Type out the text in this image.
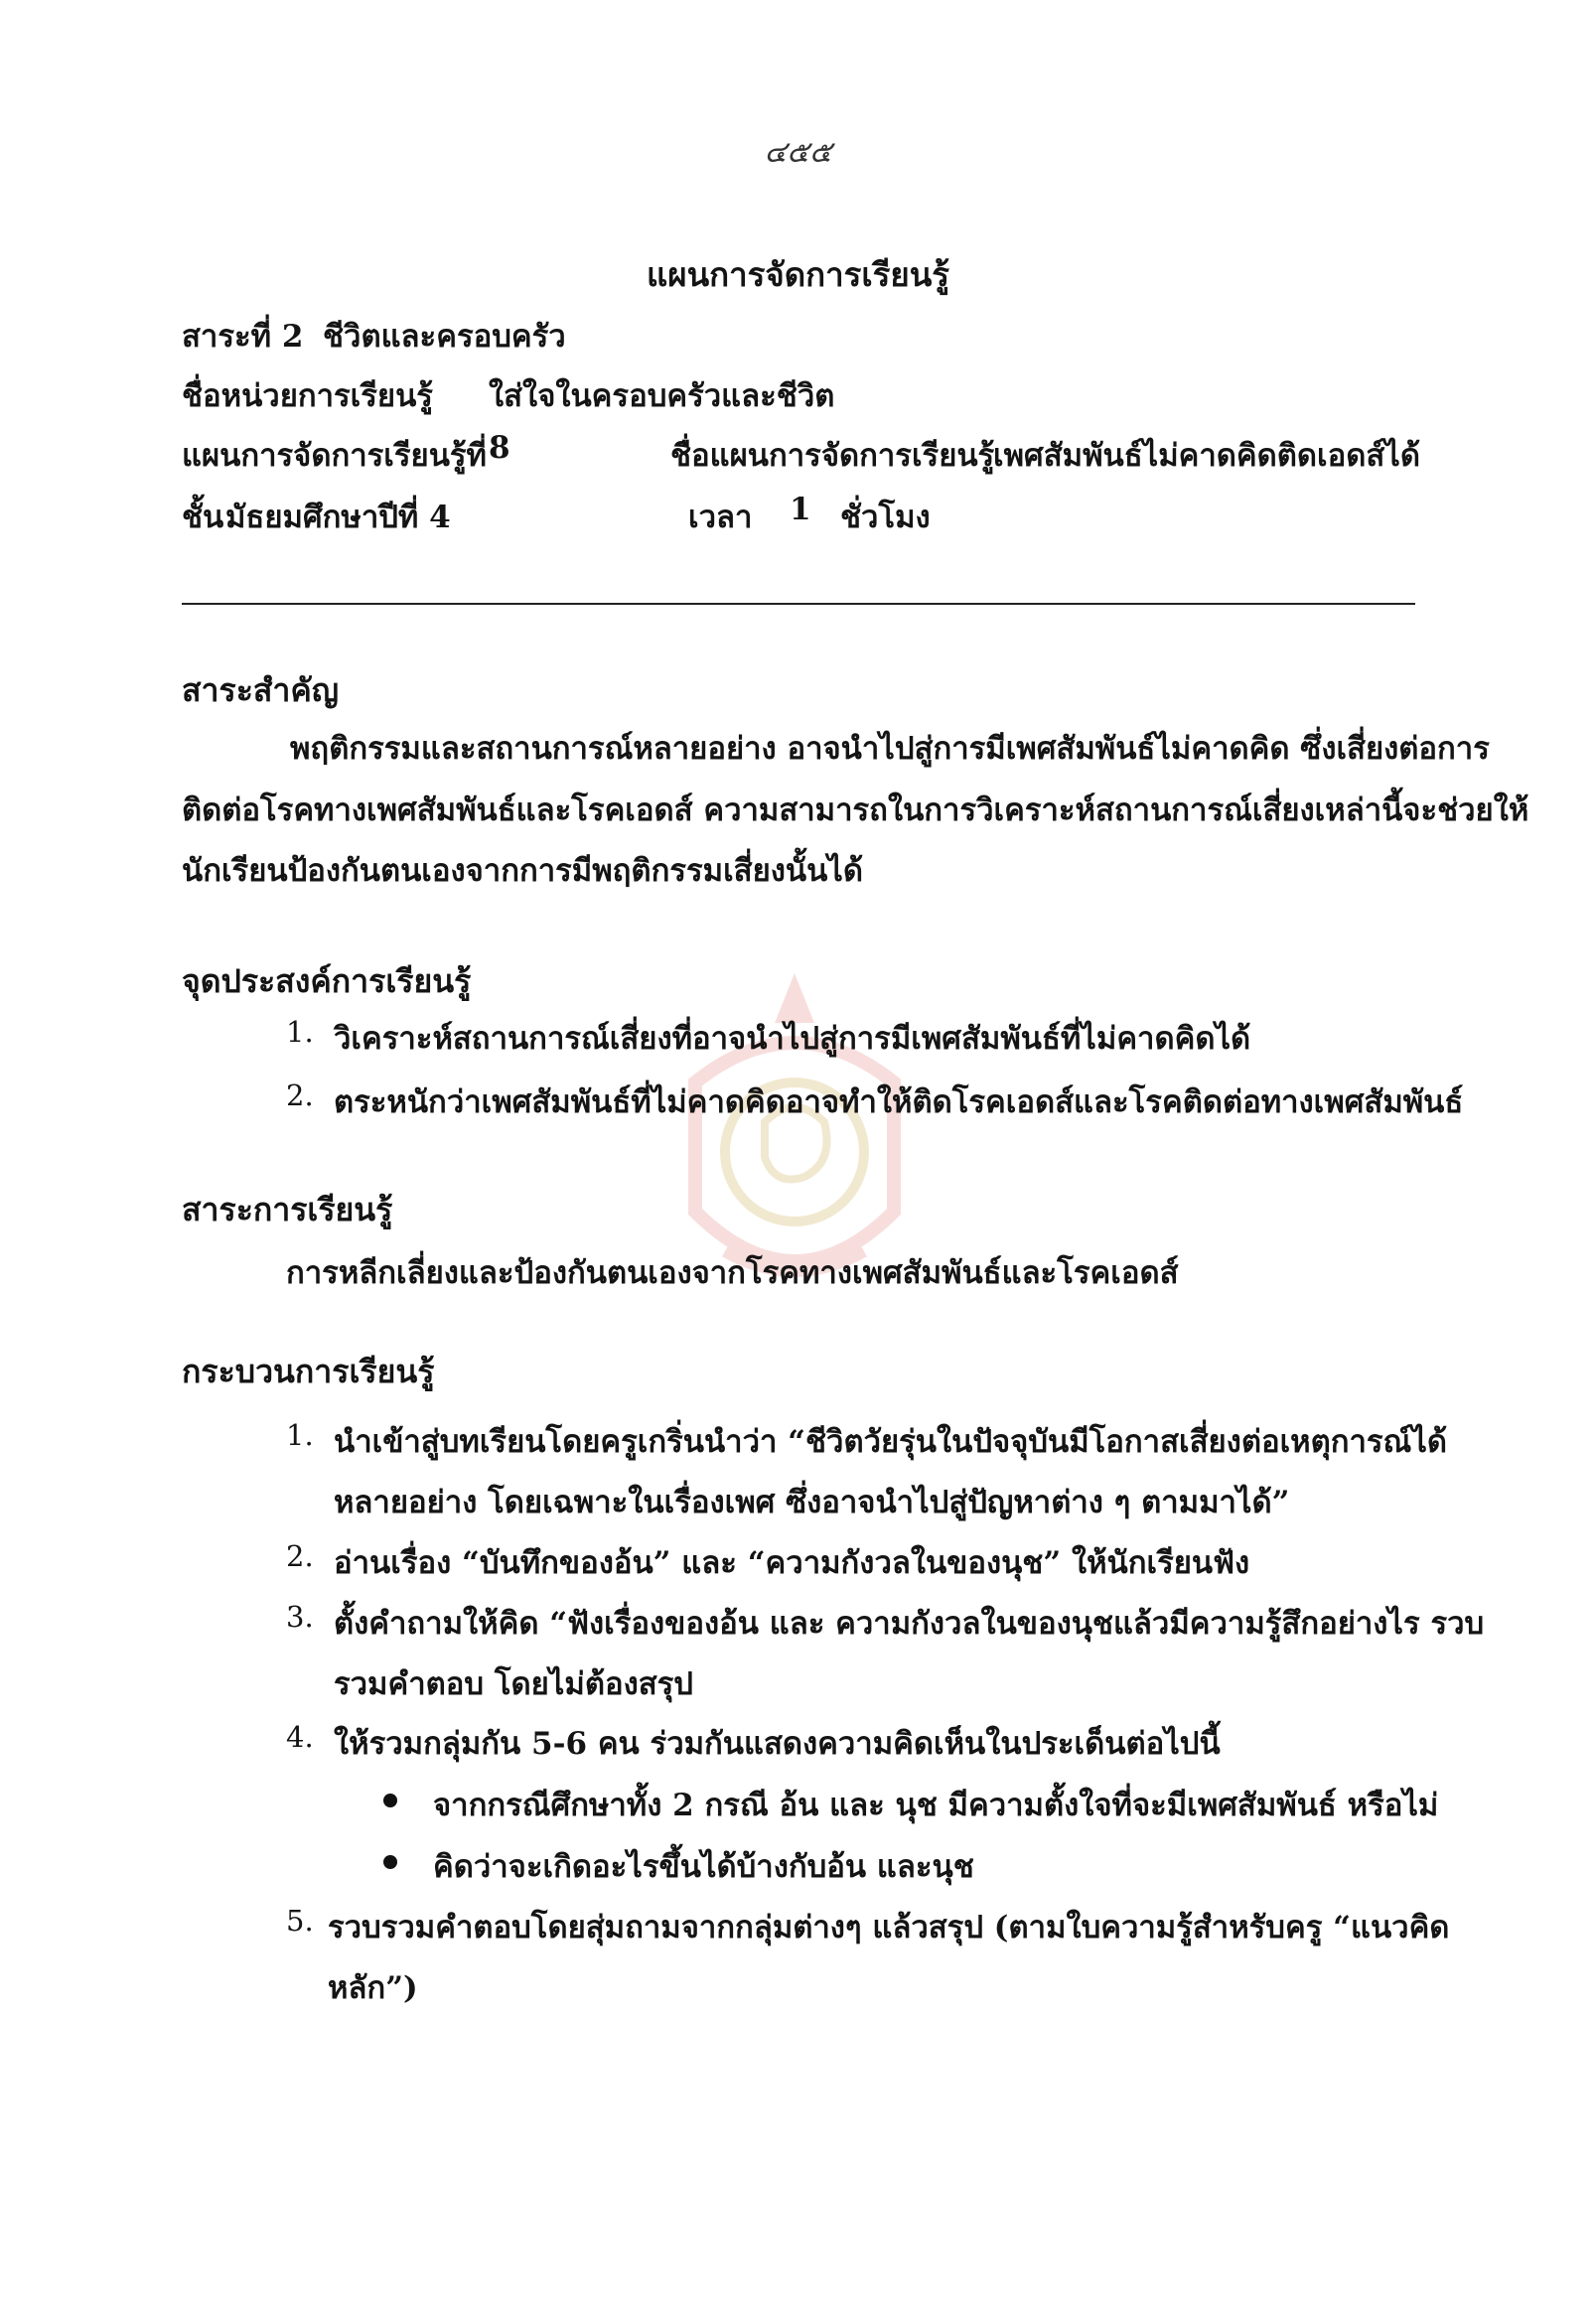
๔๕๕
แผนการจัดการเรียนรู้
สาระที่ 2 ชีวิตและครอบครัว
ชื่อหน่วยการเรียนรู้ ใส่ใจในครอบครัวและชีวิต
แผนการจัดการเรียนรู้ที่ 8	ชื่อแผนการจัดการเรียนรู้
เพศสัมพันธ์ไม่คาดคิดติดเอดส์ได้
ชั้น มัธยมศึกษาปีที่ 4	เวลา 1 ชั่วโมง
สาระสำคัญ
พฤติกรรมและสถานการณ์หลายอย่าง อาจนำไปสู่การมีเพศสัมพันธ์ไม่คาดคิด ซึ่งเสี่ยงต่อการ
ติดต่อโรคทางเพศสัมพันธ์และโรคเอดส์ ความสามารถในการวิเคราะห์สถานการณ์เสี่ยงเหล่านี้จะช่วยให้
นักเรียนป้องกันตนเองจากการมีพฤติกรรมเสี่ยงนั้นได้
จุดประสงค์การเรียนรู้
1. วิเคราะห์สถานการณ์เสี่ยงที่อาจนำไปสู่การมีเพศสัมพันธ์ที่ไม่คาดคิดได้
2. ตระหนักว่าเพศสัมพันธ์ที่ไม่คาดคิดอาจทำให้ติดโรคเอดส์และโรคติดต่อทางเพศสัมพันธ์
สาระการเรียนรู้
การหลีกเลี่ยงและป้องกันตนเองจากโรคทางเพศสัมพันธ์และโรคเอดส์
กระบวนการเรียนรู้
1. นำเข้าสู่บทเรียนโดยครูเกริ่นนำว่า “ชีวิตวัยรุ่นในปัจจุบันมีโอกาสเสี่ยงต่อเหตุการณ์ได้
หลายอย่าง โดยเฉพาะในเรื่องเพศ ซึ่งอาจนำไปสู่ปัญหาต่าง ๆ ตามมาได้”
2. อ่านเรื่อง “บันทึกของอ้น” และ “ความกังวลในของนุช” ให้นักเรียนฟัง
3. ตั้งคำถามให้คิด “ฟังเรื่องของอ้น และ ความกังวลในของนุชแล้วมีความรู้สึกอย่างไร รวบ
รวมคำตอบ โดยไม่ต้องสรุป
4. ให้รวมกลุ่มกัน 5-6 คน ร่วมกันแสดงความคิดเห็นในประเด็นต่อไปนี้
จากกรณีศึกษาทั้ง 2 กรณี อ้น และ นุช มีความตั้งใจที่จะมีเพศสัมพันธ์ หรือไม่
คิดว่าจะเกิดอะไรขึ้นได้บ้างกับอ้น และนุช
5. รวบรวมคำตอบโดยสุ่มถามจากกลุ่มต่างๆ แล้วสรุป (ตามใบความรู้สำหรับครู “แนวคิด
หลัก”)
